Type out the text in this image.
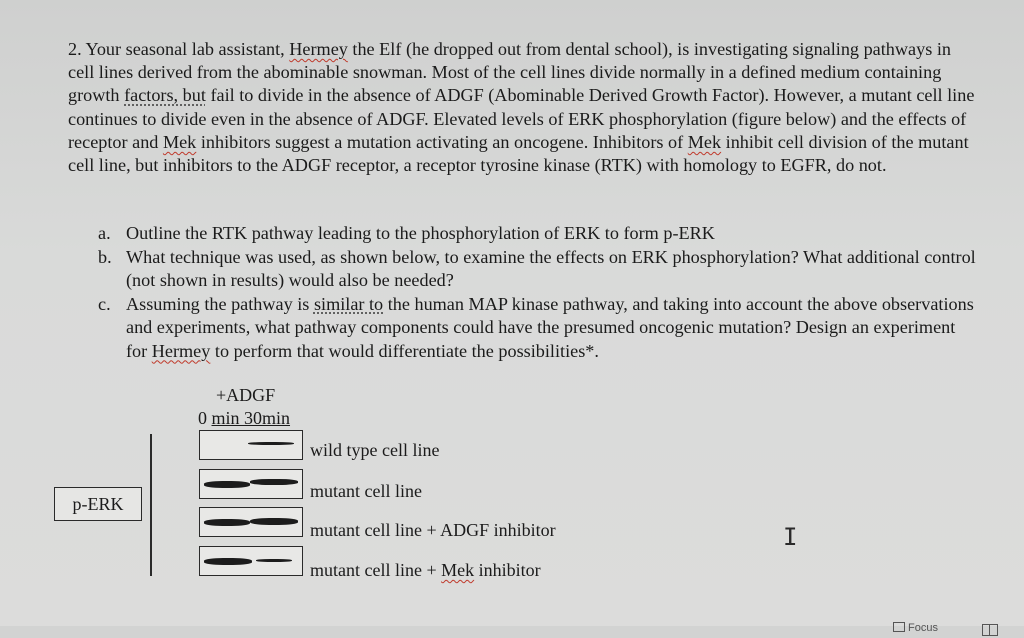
2. Your seasonal lab assistant, Hermey the Elf (he dropped out from dental school), is investigating signaling pathways in cell lines derived from the abominable snowman. Most of the cell lines divide normally in a defined medium containing growth factors, but fail to divide in the absence of ADGF (Abominable Derived Growth Factor). However, a mutant cell line continues to divide even in the absence of ADGF. Elevated levels of ERK phosphorylation (figure below) and the effects of receptor and Mek inhibitors suggest a mutation activating an oncogene. Inhibitors of Mek inhibit cell division of the mutant cell line, but inhibitors to the ADGF receptor, a receptor tyrosine kinase (RTK) with homology to EGFR, do not.

a. Outline the RTK pathway leading to the phosphorylation of ERK to form p-ERK
b. What technique was used, as shown below, to examine the effects on ERK phosphorylation? What additional control (not shown in results) would also be needed?
c. Assuming the pathway is similar to the human MAP kinase pathway, and taking into account the above observations and experiments, what pathway components could have the presumed oncogenic mutation? Design an experiment for Hermey to perform that would differentiate the possibilities*.
+ADGF
0 min 30min
p-ERK
wild type cell line
mutant cell line
mutant cell line + ADGF inhibitor
mutant cell line + Mek inhibitor
I
Focus
